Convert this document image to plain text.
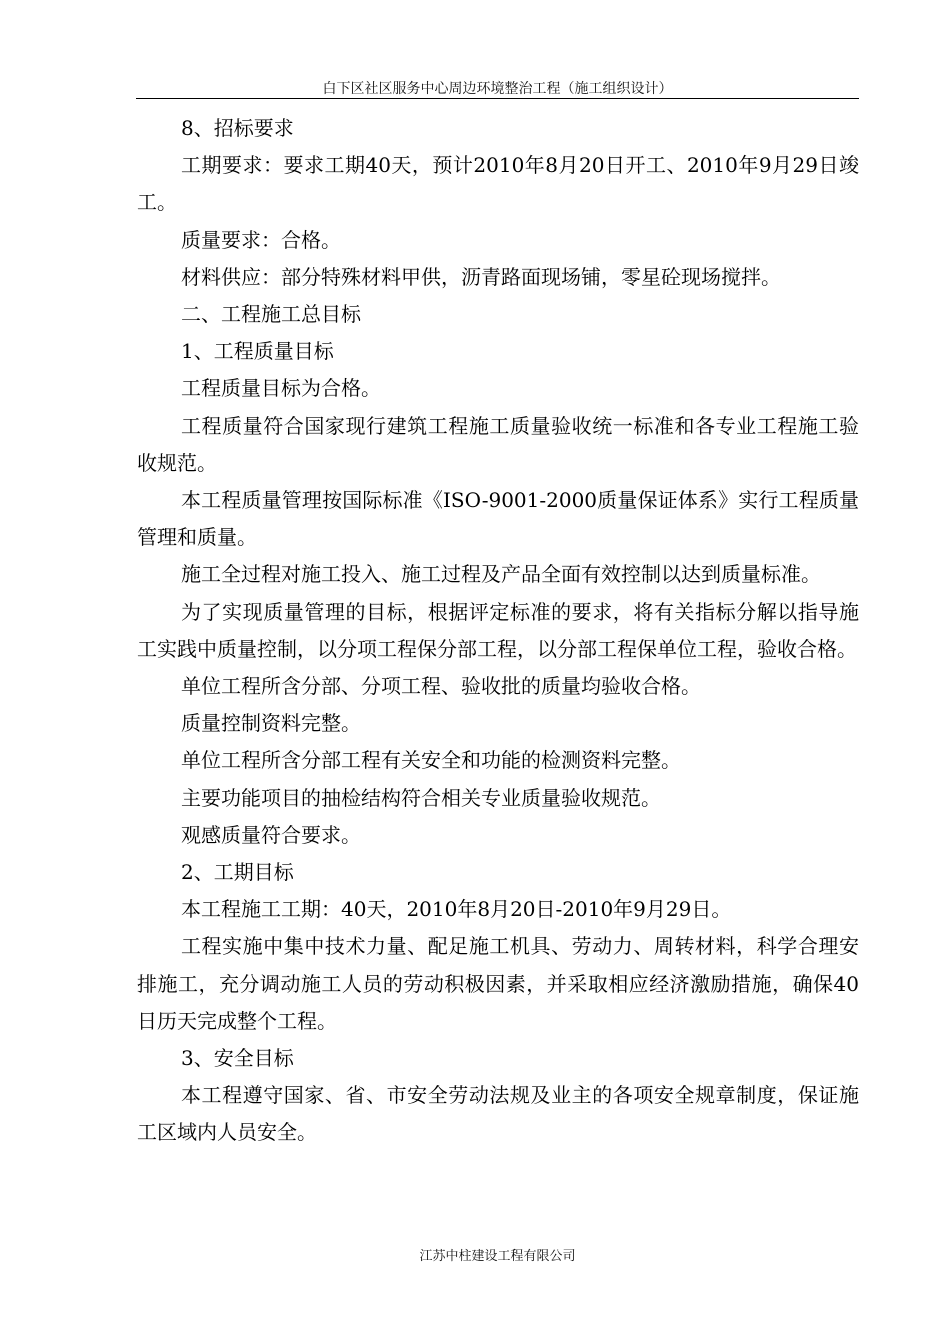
白下区社区服务中心周边环境整治工程（施工组织设计）

8、招标要求

工期要求：要求工期40天，预计2010年8月20日开工、2010年9月29日竣工。

质量要求：合格。

材料供应：部分特殊材料甲供，沥青路面现场铺，零星砼现场搅拌。

二、工程施工总目标

1、工程质量目标

工程质量目标为合格。

工程质量符合国家现行建筑工程施工质量验收统一标准和各专业工程施工验收规范。

本工程质量管理按国际标准《ISO-9001-2000质量保证体系》实行工程质量管理和质量。

施工全过程对施工投入、施工过程及产品全面有效控制以达到质量标准。

为了实现质量管理的目标，根据评定标准的要求，将有关指标分解以指导施工实践中质量控制，以分项工程保分部工程，以分部工程保单位工程，验收合格。

单位工程所含分部、分项工程、验收批的质量均验收合格。

质量控制资料完整。

单位工程所含分部工程有关安全和功能的检测资料完整。

主要功能项目的抽检结构符合相关专业质量验收规范。

观感质量符合要求。

2、工期目标

本工程施工工期：40天，2010年8月20日-2010年9月29日。

工程实施中集中技术力量、配足施工机具、劳动力、周转材料，科学合理安排施工，充分调动施工人员的劳动积极因素，并采取相应经济激励措施，确保40日历天完成整个工程。

3、安全目标

本工程遵守国家、省、市安全劳动法规及业主的各项安全规章制度，保证施工区域内人员安全。

江苏中柱建设工程有限公司
